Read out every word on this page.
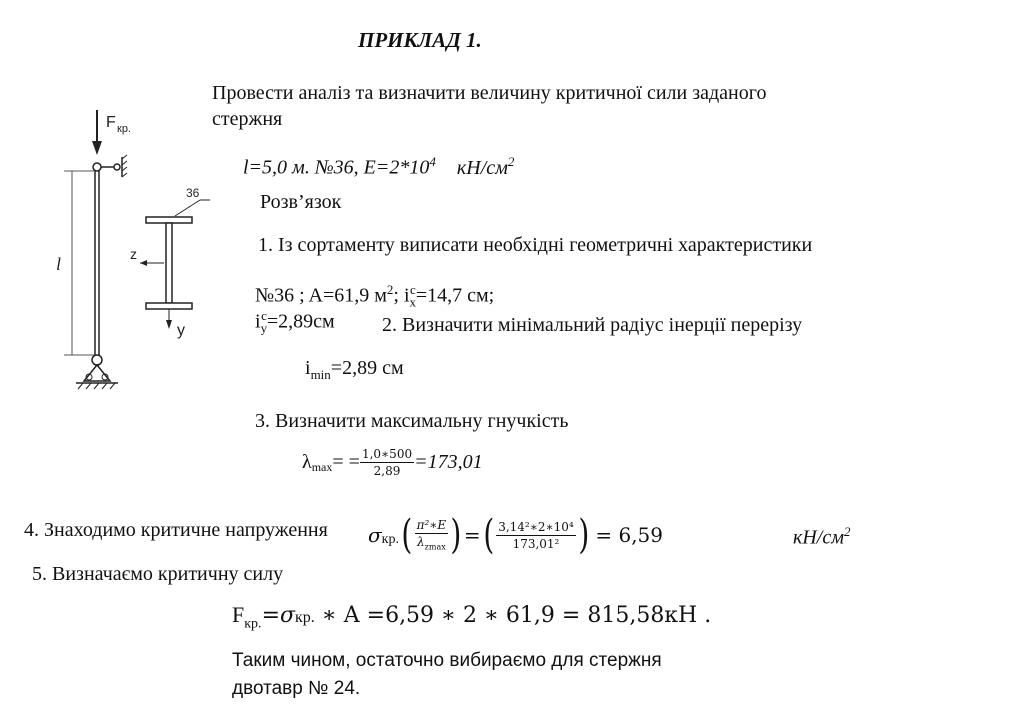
ПРИКЛАД 1.
Провести аналіз та визначити величину критичної сили заданого
стержня
l=5,0 м. №36, $E=2*10^4$ $кН/см^2$
Розв’язок
1. Із сортаменту виписати необхідні геометричні характеристики
№36 ; A=61,9 $м^2$; $i_x^c=14,7$ см;
$i_y^c=2,89см$ 2. Визначити мінімальний радіус інерції перерізу
$i_{min}=2,89$ см
3. Визначити максимальну гнучкість
$\lambda_{max}$ = = $\frac{1,0∗500}{2,89} =173,01$
4. Знаходимо критичне напруження σ кр. ( $\frac{\text{π²∗E}}{\lambda_{zmax}}$ ) = ( $\frac{\text{3,14²∗2∗10⁴}}{\text{173,01²}}$ ) = 6,59	$кН/см^2$
5. Визначаємо критичну силу
$F_{кр.}=\sigma кр$. ∗ A =6,59 ∗ 2 ∗ 61,9 = 815,58кН .
Таким чином, остаточно вибираємо для стержня
двотавр № 24.
F кр.
l
36
z
y
